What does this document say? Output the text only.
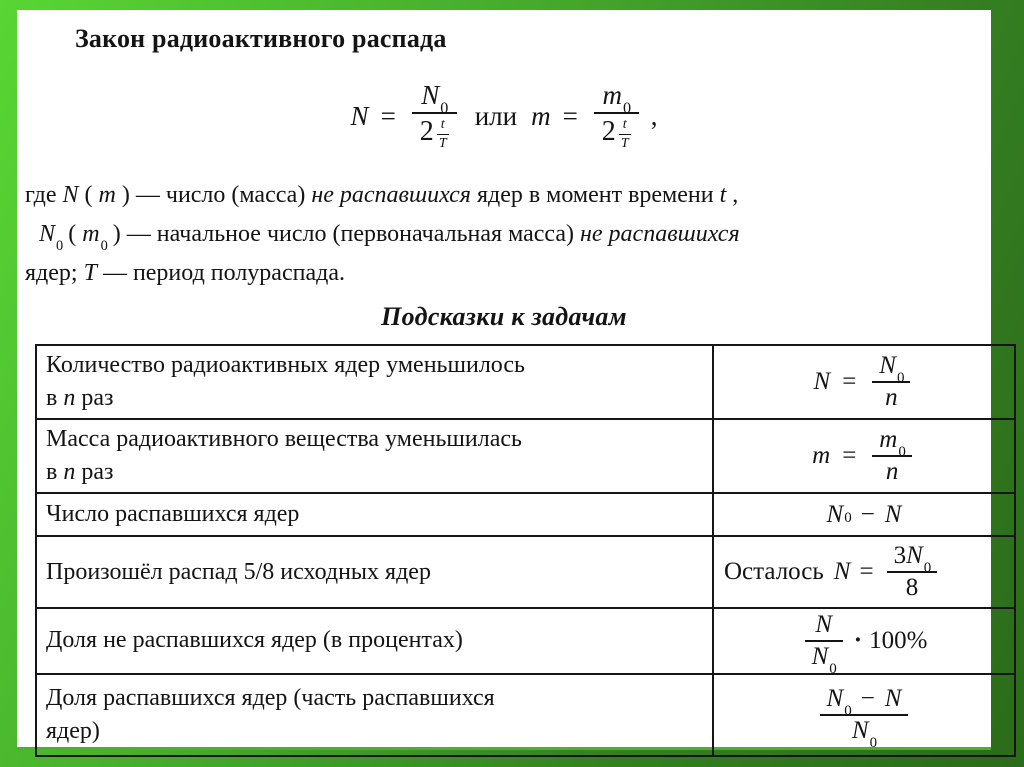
Закон радиоактивного распада
$N = \frac{N_0}{2 \frac{t}{T}}$ или $m = \frac{m_0}{2 \frac{t}{T}}$ ,
где N ( m ) — число (масса) не распавшихся ядер в момент времени t ,
$N_0$ ( $m_0$ ) — начальное число (первоначальная масса) не распавшихся
ядер; T — период полураспада.
Подсказки к задачам
Количество радиоактивных ядер уменьшилось
в n раз	$N = \frac{N_0}{n}$

Масса радиоактивного вещества уменьшилась
в n раз	$m = \frac{m_0}{n}$

Число распавшихся ядер	$N_0 - N$

Произошёл распад 5/8 исходных ядер	Осталось $N = \frac{3N_0}{8}$

Доля не распавшихся ядер (в процентах)	$\frac{N}{N_0} \cdot 100\%$

Доля распавшихся ядер (часть распавшихся
ядер)	$\frac{N_0 - N}{N_0}$
